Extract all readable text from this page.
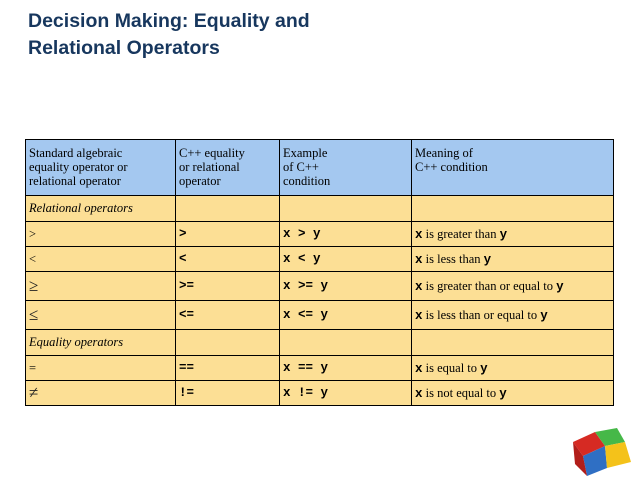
Decision Making: Equality and
Relational Operators
Standard algebraic
equality operator or
relational operator	C++ equality
or relational
operator	Example
of C++
condition	Meaning of
C++ condition

Relational operators			
>	>	x > y	x is greater than y
<	<	x < y	x is less than y
≥	>=	x >= y	x is greater than or equal to y
≤	<=	x <= y	x is less than or equal to y
Equality operators			
=	==	x == y	x is equal to y
≠	!=	x != y	x is not equal to y
